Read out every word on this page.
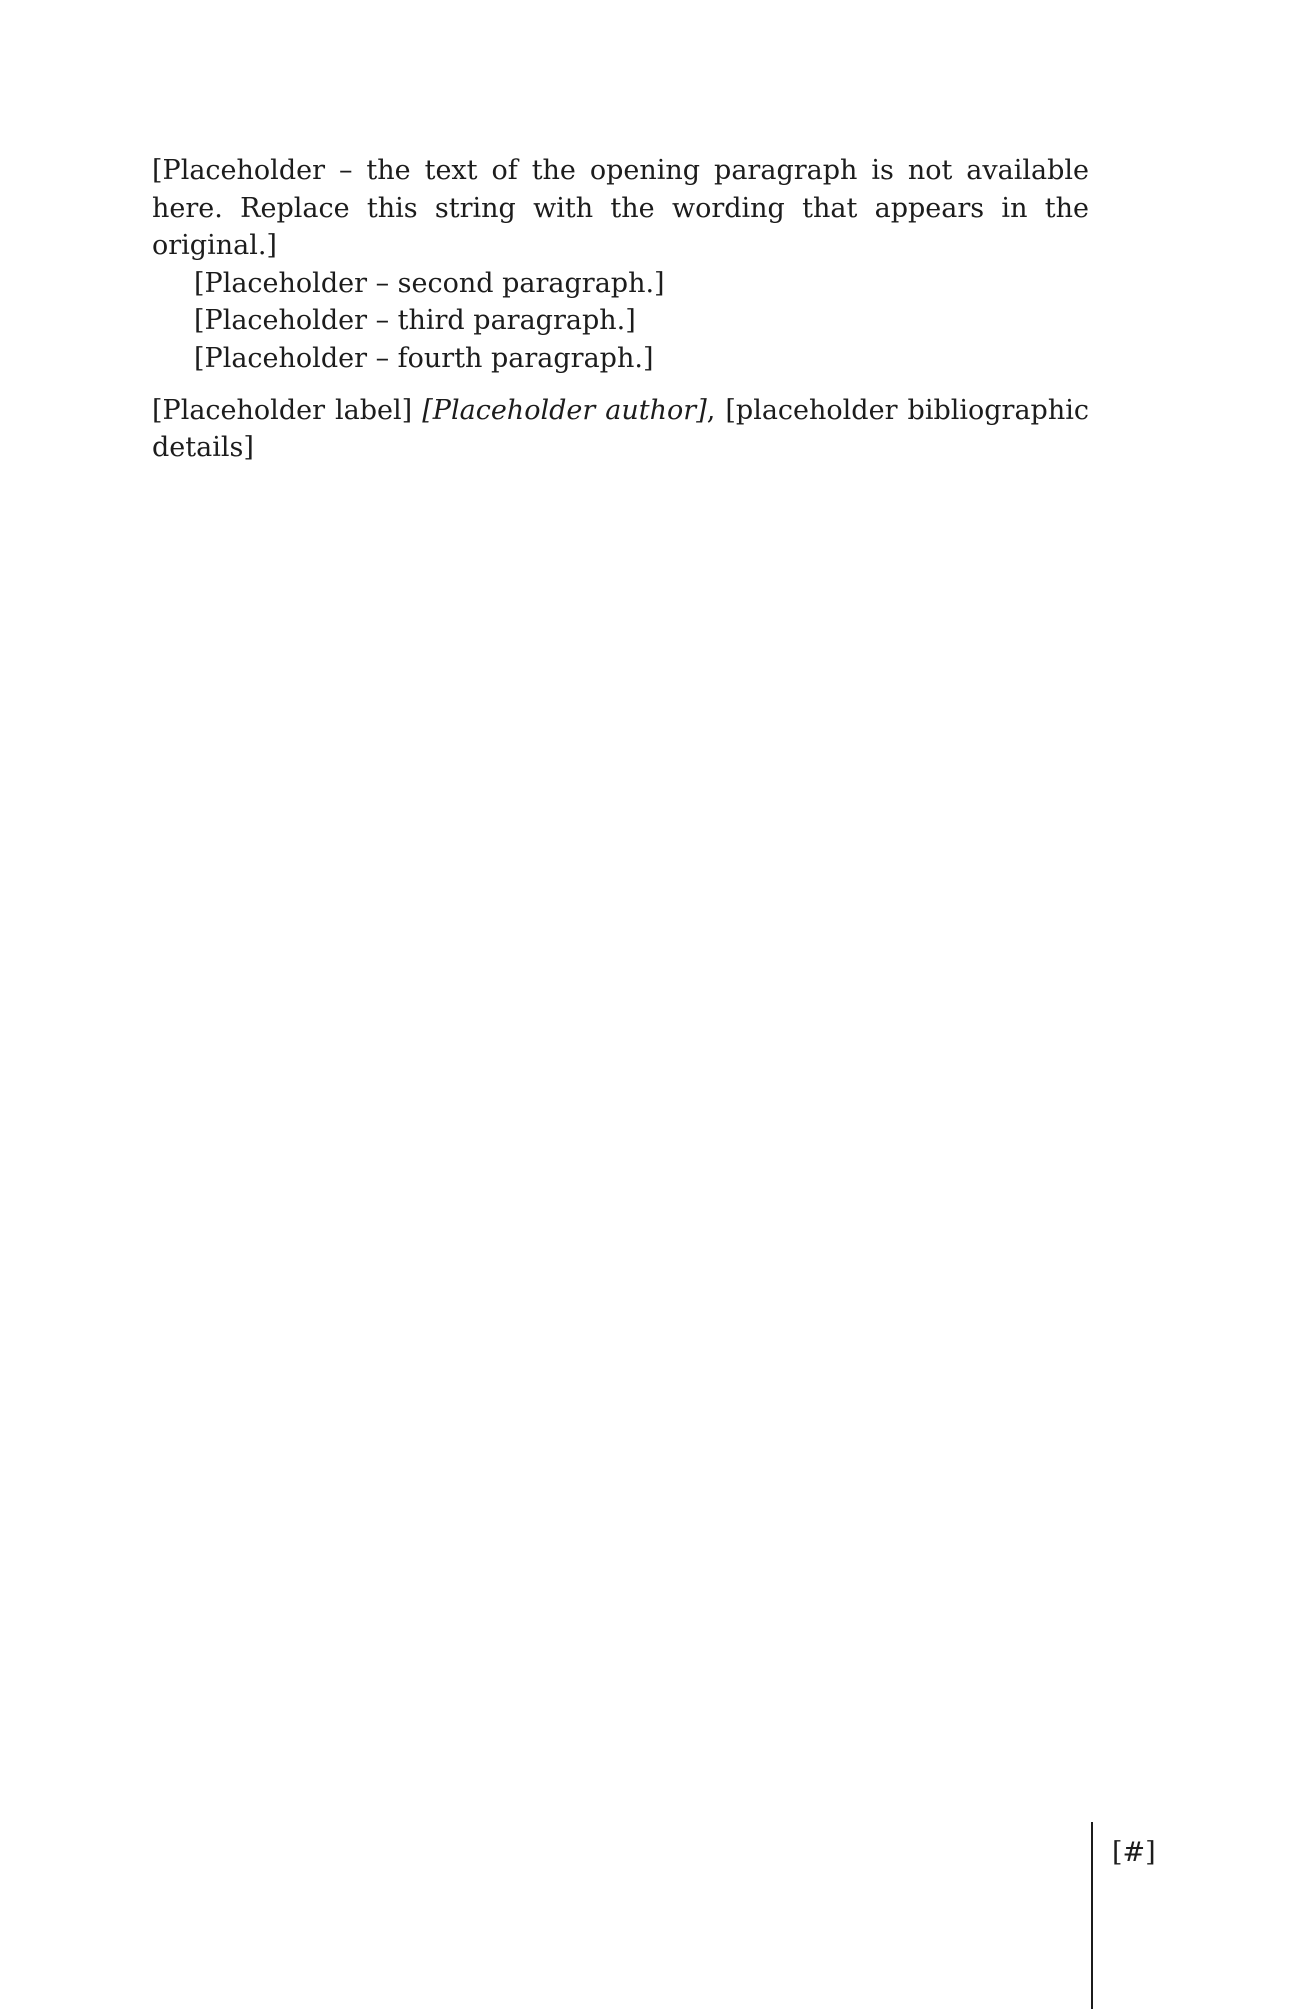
[Placeholder – the text of the opening paragraph is not available here. Replace this string with the wording that appears in the original.]

[Placeholder – second paragraph.]

[Placeholder – third paragraph.]

[Placeholder – fourth paragraph.]

[Placeholder label] [Placeholder author], [placeholder bibliographic details]

[#]
